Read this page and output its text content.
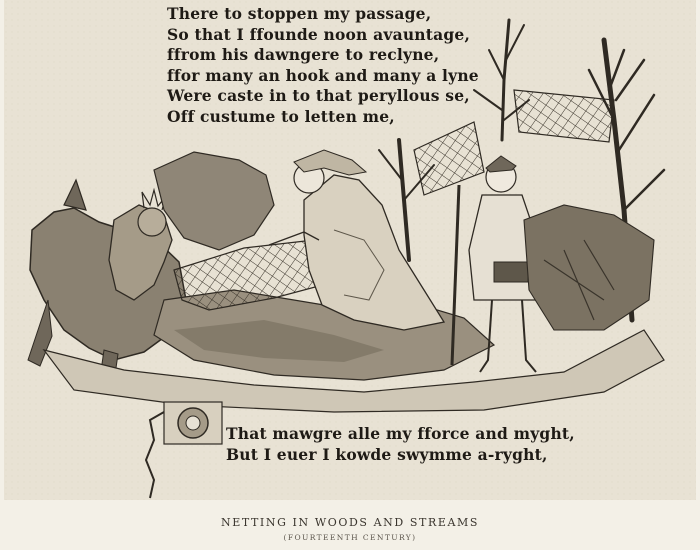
There to stoppen my passage,
So that I ffounde noon avauntage,
ffrom his dawngere to reclyne,
ffor many an hook and many a lyne
Were caste in to that peryllous se,
Off custume to letten me,
That mawgre alle my fforce and myght,
But I euer I kowde swymme a-ryght,
NETTING IN WOODS AND STREAMS
(FOURTEENTH CENTURY)
